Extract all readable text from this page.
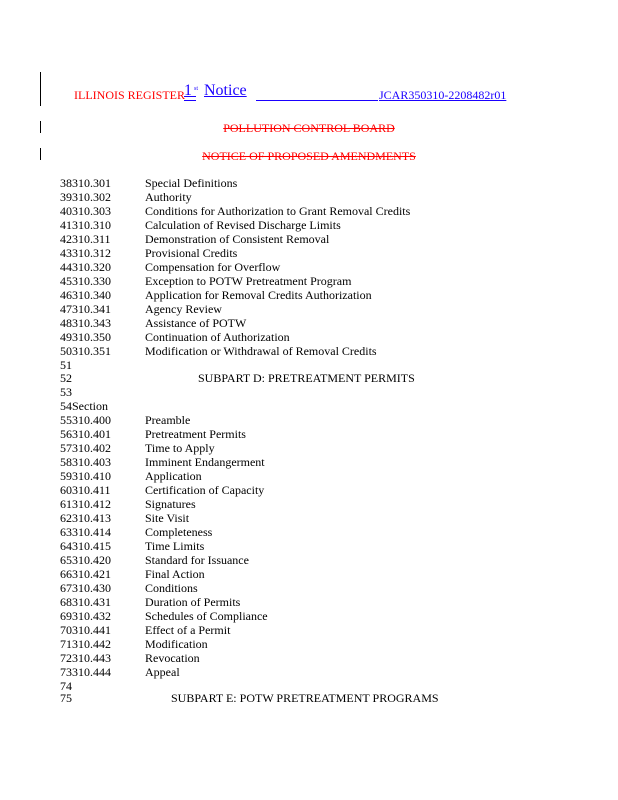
ILLINOIS REGISTER 1 st Notice	JCAR350310-2208482r01
POLLUTION CONTROL BOARD
NOTICE OF PROPOSED AMENDMENTS
38310.301	Special Definitions
39310.302	Authority
40310.303	Conditions for Authorization to Grant Removal Credits
41310.310	Calculation of Revised Discharge Limits
42310.311	Demonstration of Consistent Removal
43310.312	Provisional Credits
44310.320	Compensation for Overflow
45310.330	Exception to POTW Pretreatment Program
46310.340	Application for Removal Credits Authorization
47310.341	Agency Review
48310.343	Assistance of POTW
49310.350	Continuation of Authorization
50310.351	Modification or Withdrawal of Removal Credits
51
52	SUBPART D: PRETREATMENT PERMITS
53
54Section
55310.400	Preamble
56310.401	Pretreatment Permits
57310.402	Time to Apply
58310.403	Imminent Endangerment
59310.410	Application
60310.411	Certification of Capacity
61310.412	Signatures
62310.413	Site Visit
63310.414	Completeness
64310.415	Time Limits
65310.420	Standard for Issuance
66310.421	Final Action
67310.430	Conditions
68310.431	Duration of Permits
69310.432	Schedules of Compliance
70310.441	Effect of a Permit
71310.442	Modification
72310.443	Revocation
73310.444	Appeal
74
75	SUBPART E: POTW PRETREATMENT PROGRAMS
